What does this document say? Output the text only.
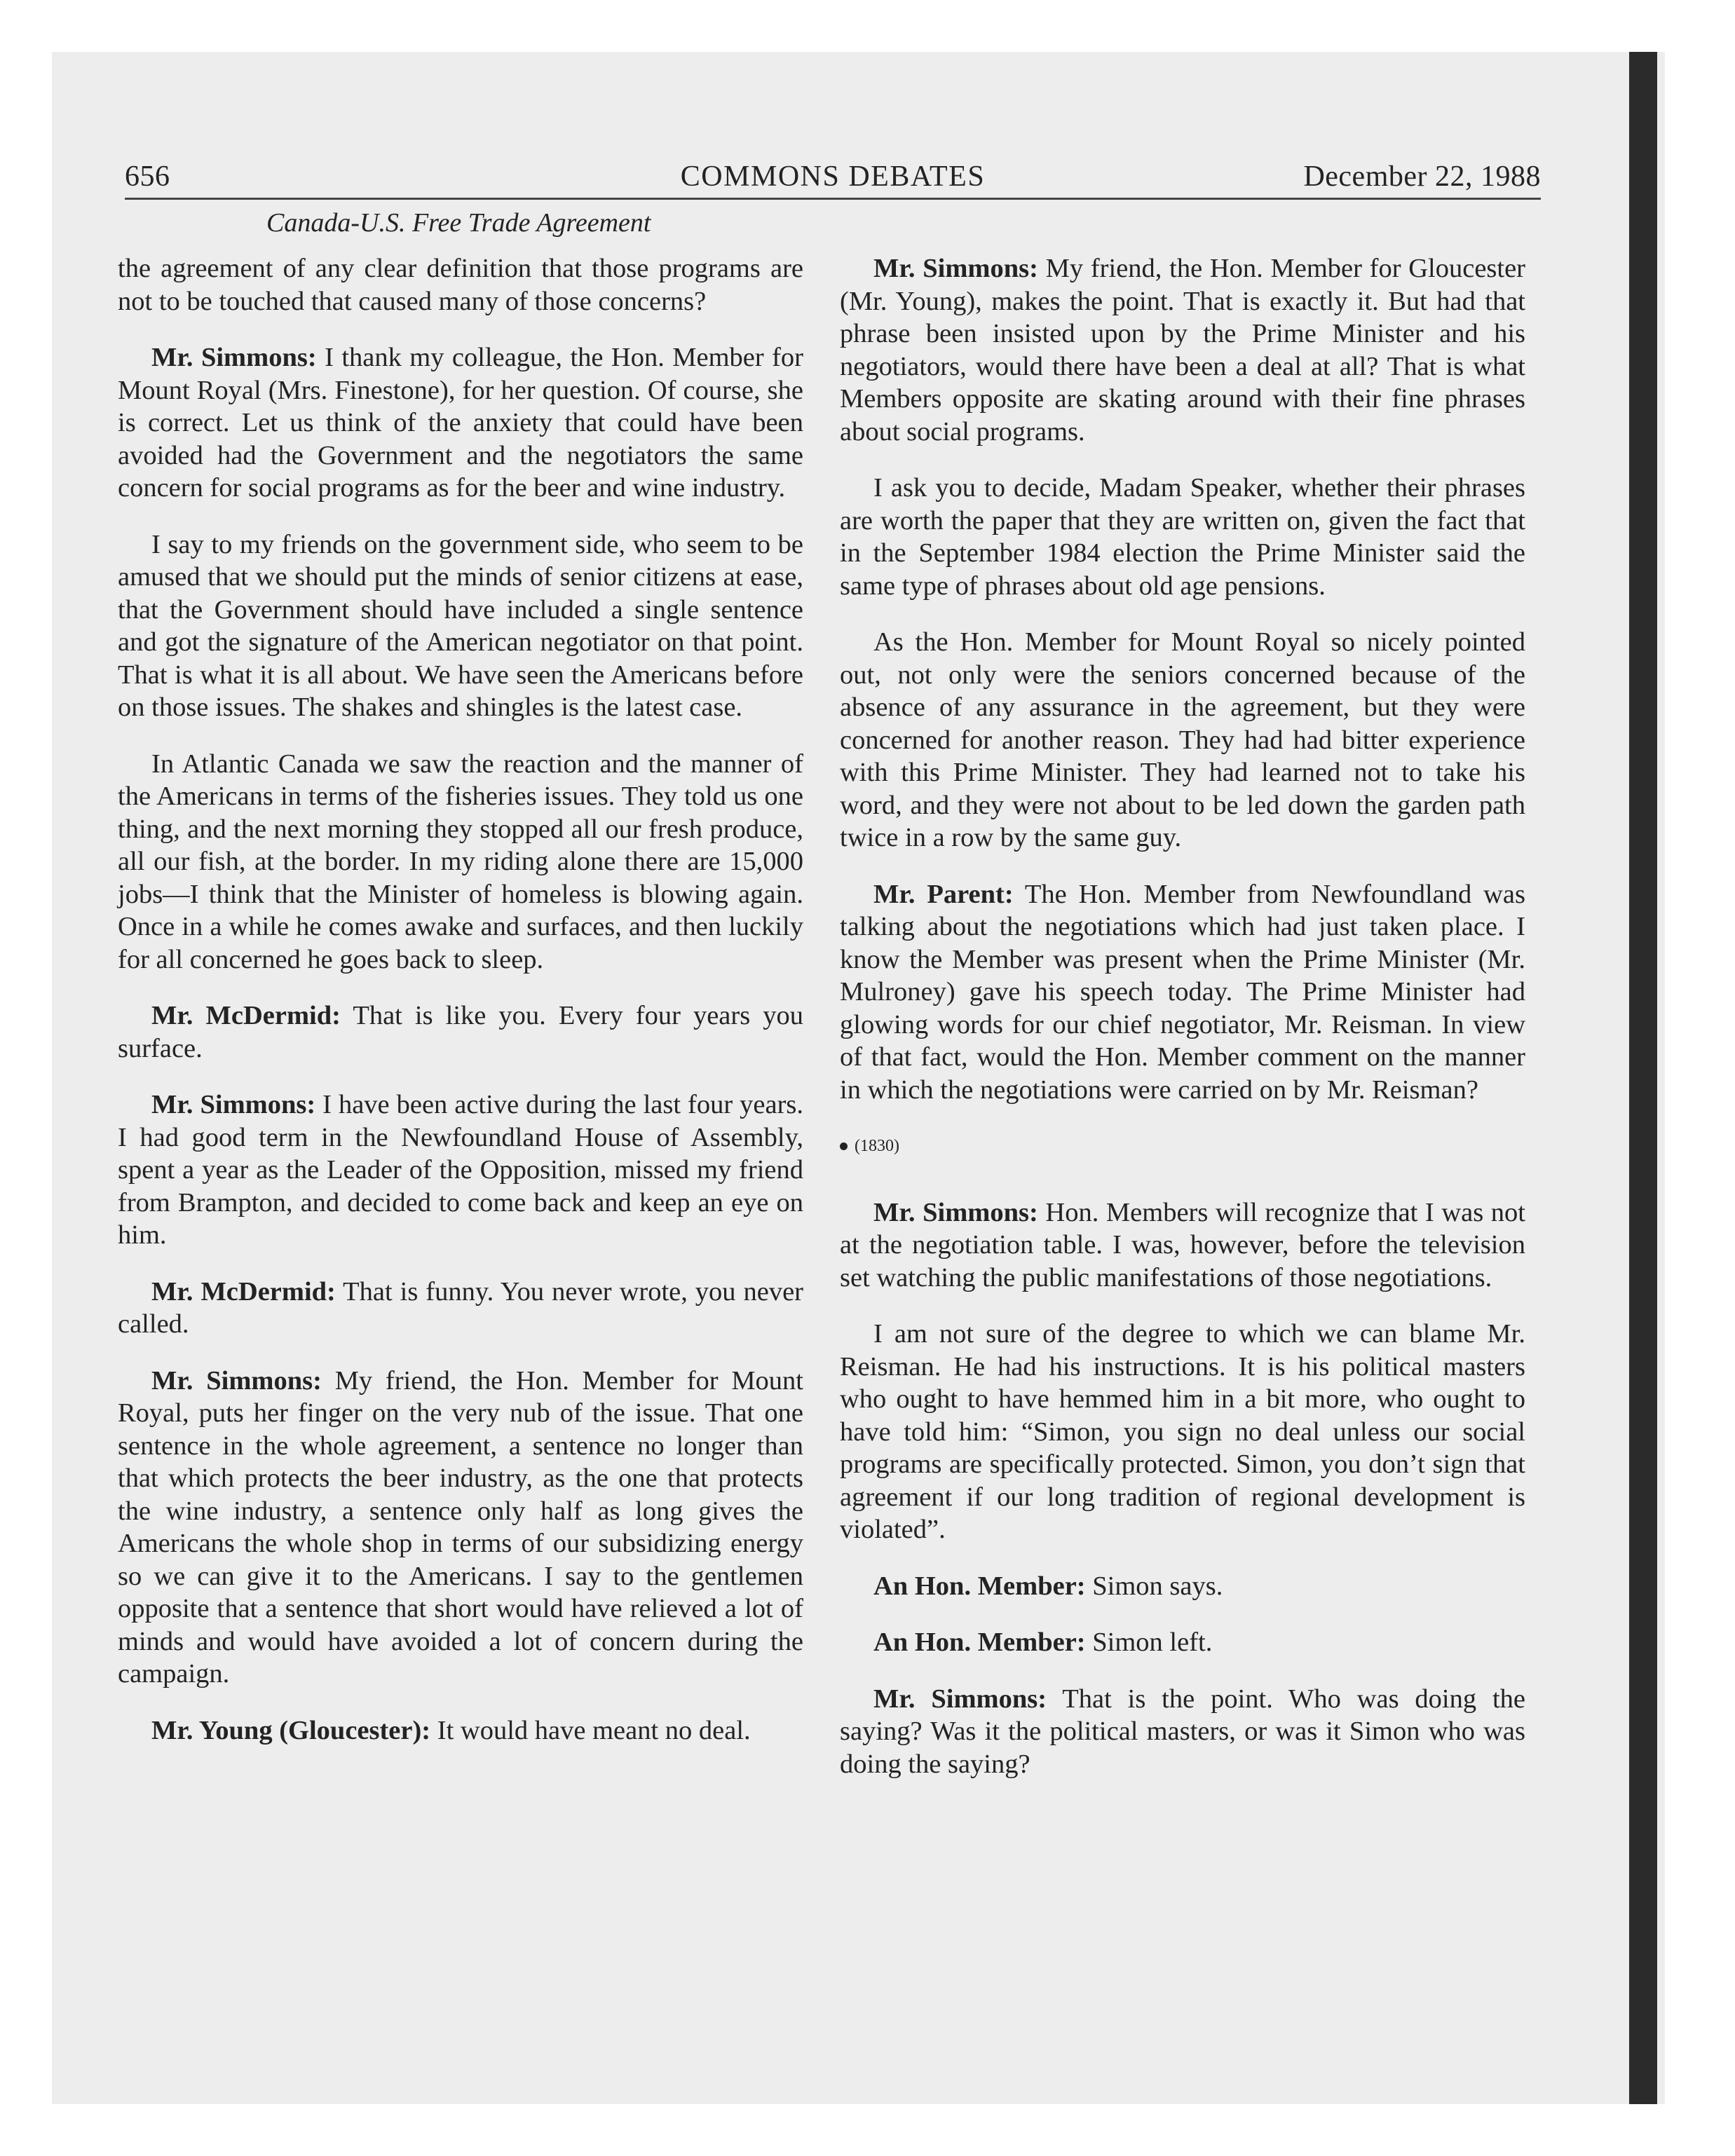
656	COMMONS DEBATES	December 22, 1988
Canada-U.S. Free Trade Agreement

the agreement of any clear definition that those programs are not to be touched that caused many of those concerns?

Mr. Simmons: I thank my colleague, the Hon. Member for Mount Royal (Mrs. Finestone), for her question. Of course, she is correct. Let us think of the anxiety that could have been avoided had the Government and the negotiators the same concern for social programs as for the beer and wine industry.

I say to my friends on the government side, who seem to be amused that we should put the minds of senior citizens at ease, that the Government should have included a single sentence and got the signature of the American negotiator on that point. That is what it is all about. We have seen the Americans before on those issues. The shakes and shingles is the latest case.

In Atlantic Canada we saw the reaction and the manner of the Americans in terms of the fisheries issues. They told us one thing, and the next morning they stopped all our fresh produce, all our fish, at the border. In my riding alone there are 15,000 jobs—I think that the Minister of homeless is blowing again. Once in a while he comes awake and surfaces, and then luckily for all concerned he goes back to sleep.

Mr. McDermid: That is like you. Every four years you surface.

Mr. Simmons: I have been active during the last four years. I had good term in the Newfoundland House of Assembly, spent a year as the Leader of the Opposition, missed my friend from Brampton, and decided to come back and keep an eye on him.

Mr. McDermid: That is funny. You never wrote, you never called.

Mr. Simmons: My friend, the Hon. Member for Mount Royal, puts her finger on the very nub of the issue. That one sentence in the whole agreement, a sentence no longer than that which protects the beer industry, as the one that protects the wine industry, a sentence only half as long gives the Americans the whole shop in terms of our subsidizing energy so we can give it to the Americans. I say to the gentlemen opposite that a sentence that short would have relieved a lot of minds and would have avoided a lot of concern during the campaign.

Mr. Young (Gloucester): It would have meant no deal.

Mr. Simmons: My friend, the Hon. Member for Gloucester (Mr. Young), makes the point. That is exactly it. But had that phrase been insisted upon by the Prime Minister and his negotiators, would there have been a deal at all? That is what Members opposite are skating around with their fine phrases about social programs.

I ask you to decide, Madam Speaker, whether their phrases are worth the paper that they are written on, given the fact that in the September 1984 election the Prime Minister said the same type of phrases about old age pensions.

As the Hon. Member for Mount Royal so nicely pointed out, not only were the seniors concerned because of the absence of any assurance in the agreement, but they were concerned for another reason. They had had bitter experience with this Prime Minister. They had learned not to take his word, and they were not about to be led down the garden path twice in a row by the same guy.

Mr. Parent: The Hon. Member from Newfoundland was talking about the negotiations which had just taken place. I know the Member was present when the Prime Minister (Mr. Mulroney) gave his speech today. The Prime Minister had glowing words for our chief negotiator, Mr. Reisman. In view of that fact, would the Hon. Member comment on the manner in which the negotiations were carried on by Mr. Reisman?

(1830)

Mr. Simmons: Hon. Members will recognize that I was not at the negotiation table. I was, however, before the television set watching the public manifestations of those negotiations.

I am not sure of the degree to which we can blame Mr. Reisman. He had his instructions. It is his political masters who ought to have hemmed him in a bit more, who ought to have told him: “Simon, you sign no deal unless our social programs are specifically protected. Simon, you don’t sign that agreement if our long tradition of regional development is violated”.

An Hon. Member: Simon says.

An Hon. Member: Simon left.

Mr. Simmons: That is the point. Who was doing the saying? Was it the political masters, or was it Simon who was doing the saying?
